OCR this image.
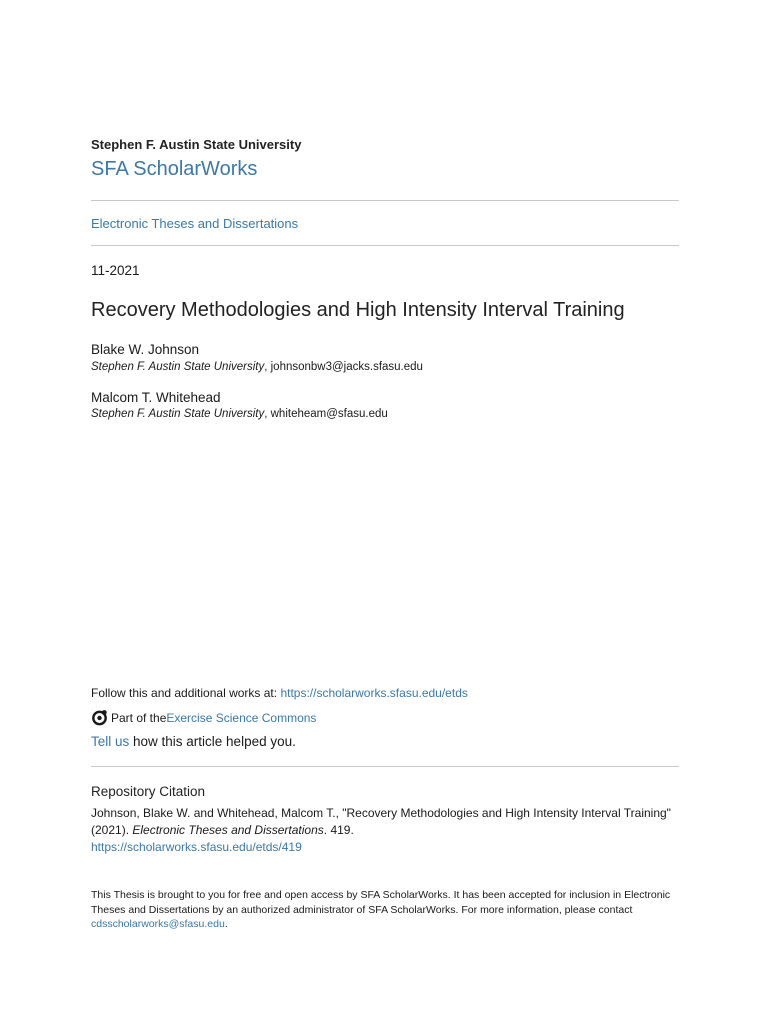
Stephen F. Austin State University
SFA ScholarWorks
Electronic Theses and Dissertations
11-2021
Recovery Methodologies and High Intensity Interval Training
Blake W. Johnson
Stephen F. Austin State University, johnsonbw3@jacks.sfasu.edu
Malcom T. Whitehead
Stephen F. Austin State University, whiteheam@sfasu.edu
Follow this and additional works at: https://scholarworks.sfasu.edu/etds
Part of the Exercise Science Commons
Tell us how this article helped you.
Repository Citation
Johnson, Blake W. and Whitehead, Malcom T., "Recovery Methodologies and High Intensity Interval Training" (2021). Electronic Theses and Dissertations. 419.
https://scholarworks.sfasu.edu/etds/419
This Thesis is brought to you for free and open access by SFA ScholarWorks. It has been accepted for inclusion in Electronic Theses and Dissertations by an authorized administrator of SFA ScholarWorks. For more information, please contact cdsscholarworks@sfasu.edu.
